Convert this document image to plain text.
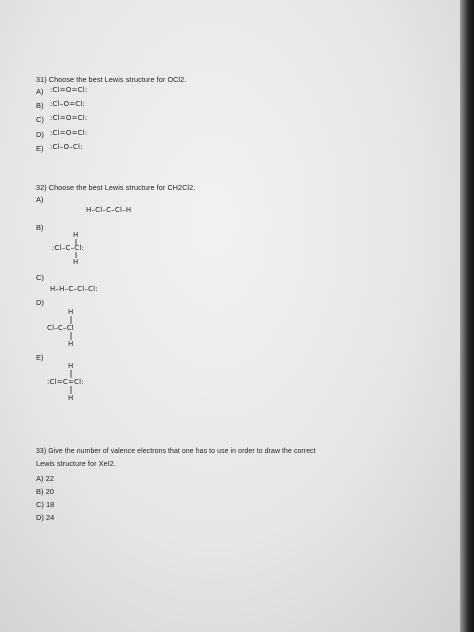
31) Choose the best Lewis structure for OCl2.
A) :Cl=O=Cl:
B) :Cl–O=Cl:
C) :Cl=O=Cl:
D) :Cl=O=Cl:
E) :Cl–O–Cl:
32) Choose the best Lewis structure for CH2Cl2.
A)
H–Cl–C–Cl–H
B)
H
:Cl–C–Cl:
H
C)
H–H–C–Cl–Cl:
D)
H
Cl–C–Cl
H
E)
H
:Cl=C=Cl:
H
33) Give the number of valence electrons that one has to use in order to draw the correct
Lewis structure for XeI2.
A) 22
B) 20
C) 18
D) 24
